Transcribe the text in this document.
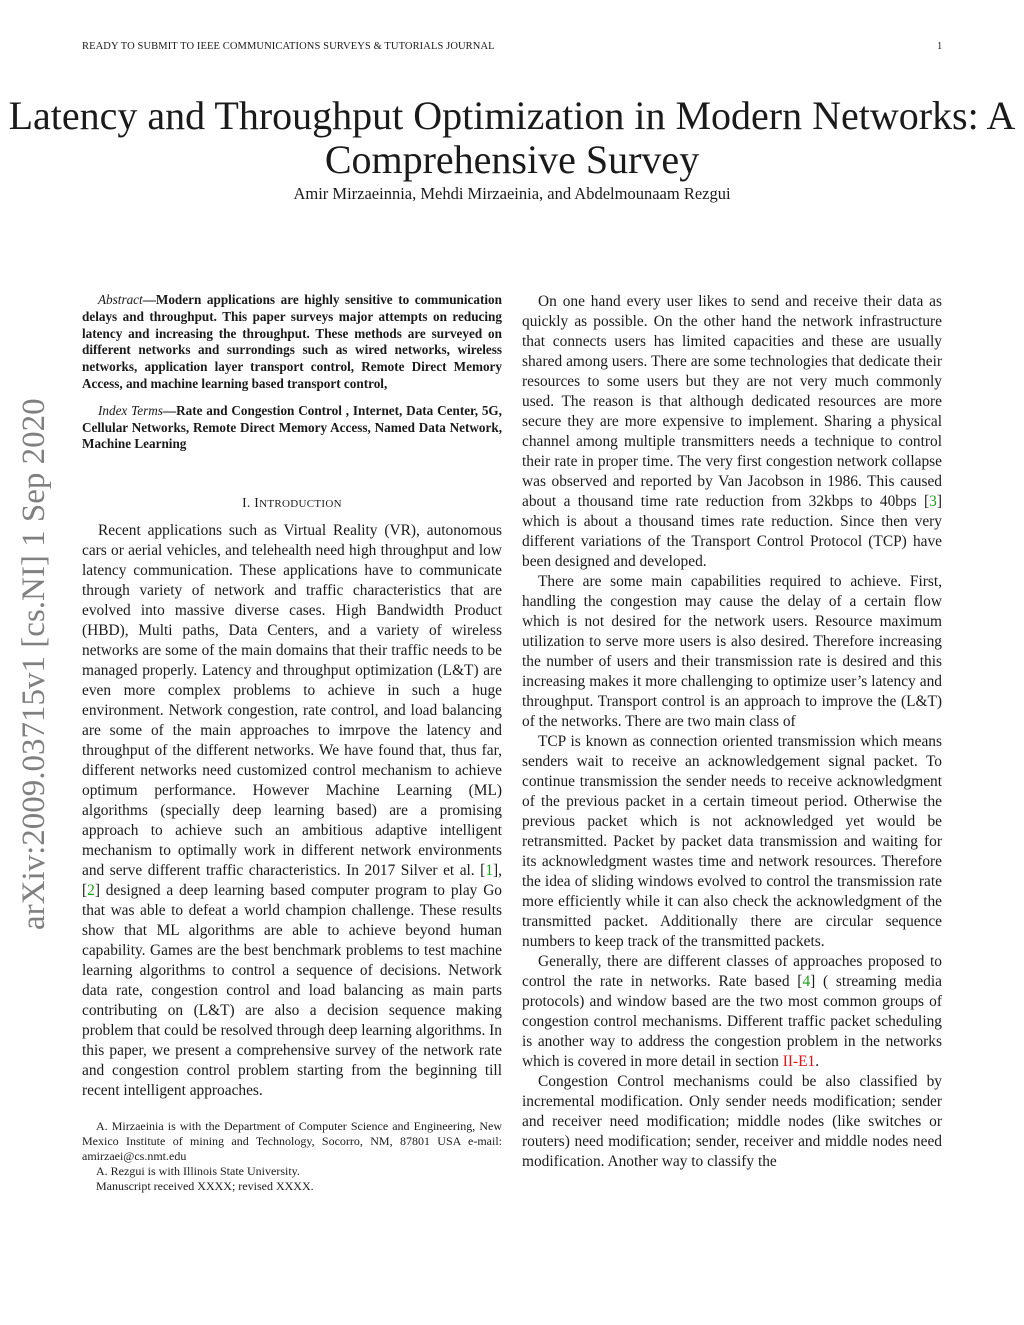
READY TO SUBMIT TO IEEE COMMUNICATIONS SURVEYS & TUTORIALS JOURNAL	1
Latency and Throughput Optimization in Modern Networks: A Comprehensive Survey
Amir Mirzaeinnia, Mehdi Mirzaeinia, and Abdelmounaam Rezgui
arXiv:2009.03715v1 [cs.NI] 1 Sep 2020

Abstract—Modern applications are highly sensitive to communication delays and throughput. This paper surveys major attempts on reducing latency and increasing the throughput. These methods are surveyed on different networks and surrondings such as wired networks, wireless networks, application layer transport control, Remote Direct Memory Access, and machine learning based transport control,

Index Terms—Rate and Congestion Control , Internet, Data Center, 5G, Cellular Networks, Remote Direct Memory Access, Named Data Network, Machine Learning

I. INTRODUCTION

Recent applications such as Virtual Reality (VR), autonomous cars or aerial vehicles, and telehealth need high throughput and low latency communication. These applications have to communicate through variety of network and traffic characteristics that are evolved into massive diverse cases. High Bandwidth Product (HBD), Multi paths, Data Centers, and a variety of wireless networks are some of the main domains that their traffic needs to be managed properly. Latency and throughput optimization (L&T) are even more complex problems to achieve in such a huge environment. Network congestion, rate control, and load balancing are some of the main approaches to imrpove the latency and throughput of the different networks. We have found that, thus far, different networks need customized control mechanism to achieve optimum performance. However Machine Learning (ML) algorithms (specially deep learning based) are a promising approach to achieve such an ambitious adaptive intelligent mechanism to optimally work in different network environments and serve different traffic characteristics. In 2017 Silver et al. [1], [2] designed a deep learning based computer program to play Go that was able to defeat a world champion challenge. These results show that ML algorithms are able to achieve beyond human capability. Games are the best benchmark problems to test machine learning algorithms to control a sequence of decisions. Network data rate, congestion control and load balancing as main parts contributing on (L&T) are also a decision sequence making problem that could be resolved through deep learning algorithms. In this paper, we present a comprehensive survey of the network rate and congestion control problem starting from the beginning till recent intelligent approaches.

A. Mirzaeinia is with the Department of Computer Science and Engineering, New Mexico Institute of mining and Technology, Socorro, NM, 87801 USA e-mail: amirzaei@cs.nmt.edu

A. Rezgui is with Illinois State University.

Manuscript received XXXX; revised XXXX.

On one hand every user likes to send and receive their data as quickly as possible. On the other hand the network infrastructure that connects users has limited capacities and these are usually shared among users. There are some technologies that dedicate their resources to some users but they are not very much commonly used. The reason is that although dedicated resources are more secure they are more expensive to implement. Sharing a physical channel among multiple transmitters needs a technique to control their rate in proper time. The very first congestion network collapse was observed and reported by Van Jacobson in 1986. This caused about a thousand time rate reduction from 32kbps to 40bps [3] which is about a thousand times rate reduction. Since then very different variations of the Transport Control Protocol (TCP) have been designed and developed.

There are some main capabilities required to achieve. First, handling the congestion may cause the delay of a certain flow which is not desired for the network users. Resource maximum utilization to serve more users is also desired. Therefore increasing the number of users and their transmission rate is desired and this increasing makes it more challenging to optimize user’s latency and throughput. Transport control is an approach to improve the (L&T) of the networks. There are two main class of

TCP is known as connection oriented transmission which means senders wait to receive an acknowledgement signal packet. To continue transmission the sender needs to receive acknowledgment of the previous packet in a certain timeout period. Otherwise the previous packet which is not acknowledged yet would be retransmitted. Packet by packet data transmission and waiting for its acknowledgment wastes time and network resources. Therefore the idea of sliding windows evolved to control the transmission rate more efficiently while it can also check the acknowledgment of the transmitted packet. Additionally there are circular sequence numbers to keep track of the transmitted packets.

Generally, there are different classes of approaches proposed to control the rate in networks. Rate based [4] ( streaming media protocols) and window based are the two most common groups of congestion control mechanisms. Different traffic packet scheduling is another way to address the congestion problem in the networks which is covered in more detail in section II-E1.

Congestion Control mechanisms could be also classified by incremental modification. Only sender needs modification; sender and receiver need modification; middle nodes (like switches or routers) need modification; sender, receiver and middle nodes need modification. Another way to classify the
